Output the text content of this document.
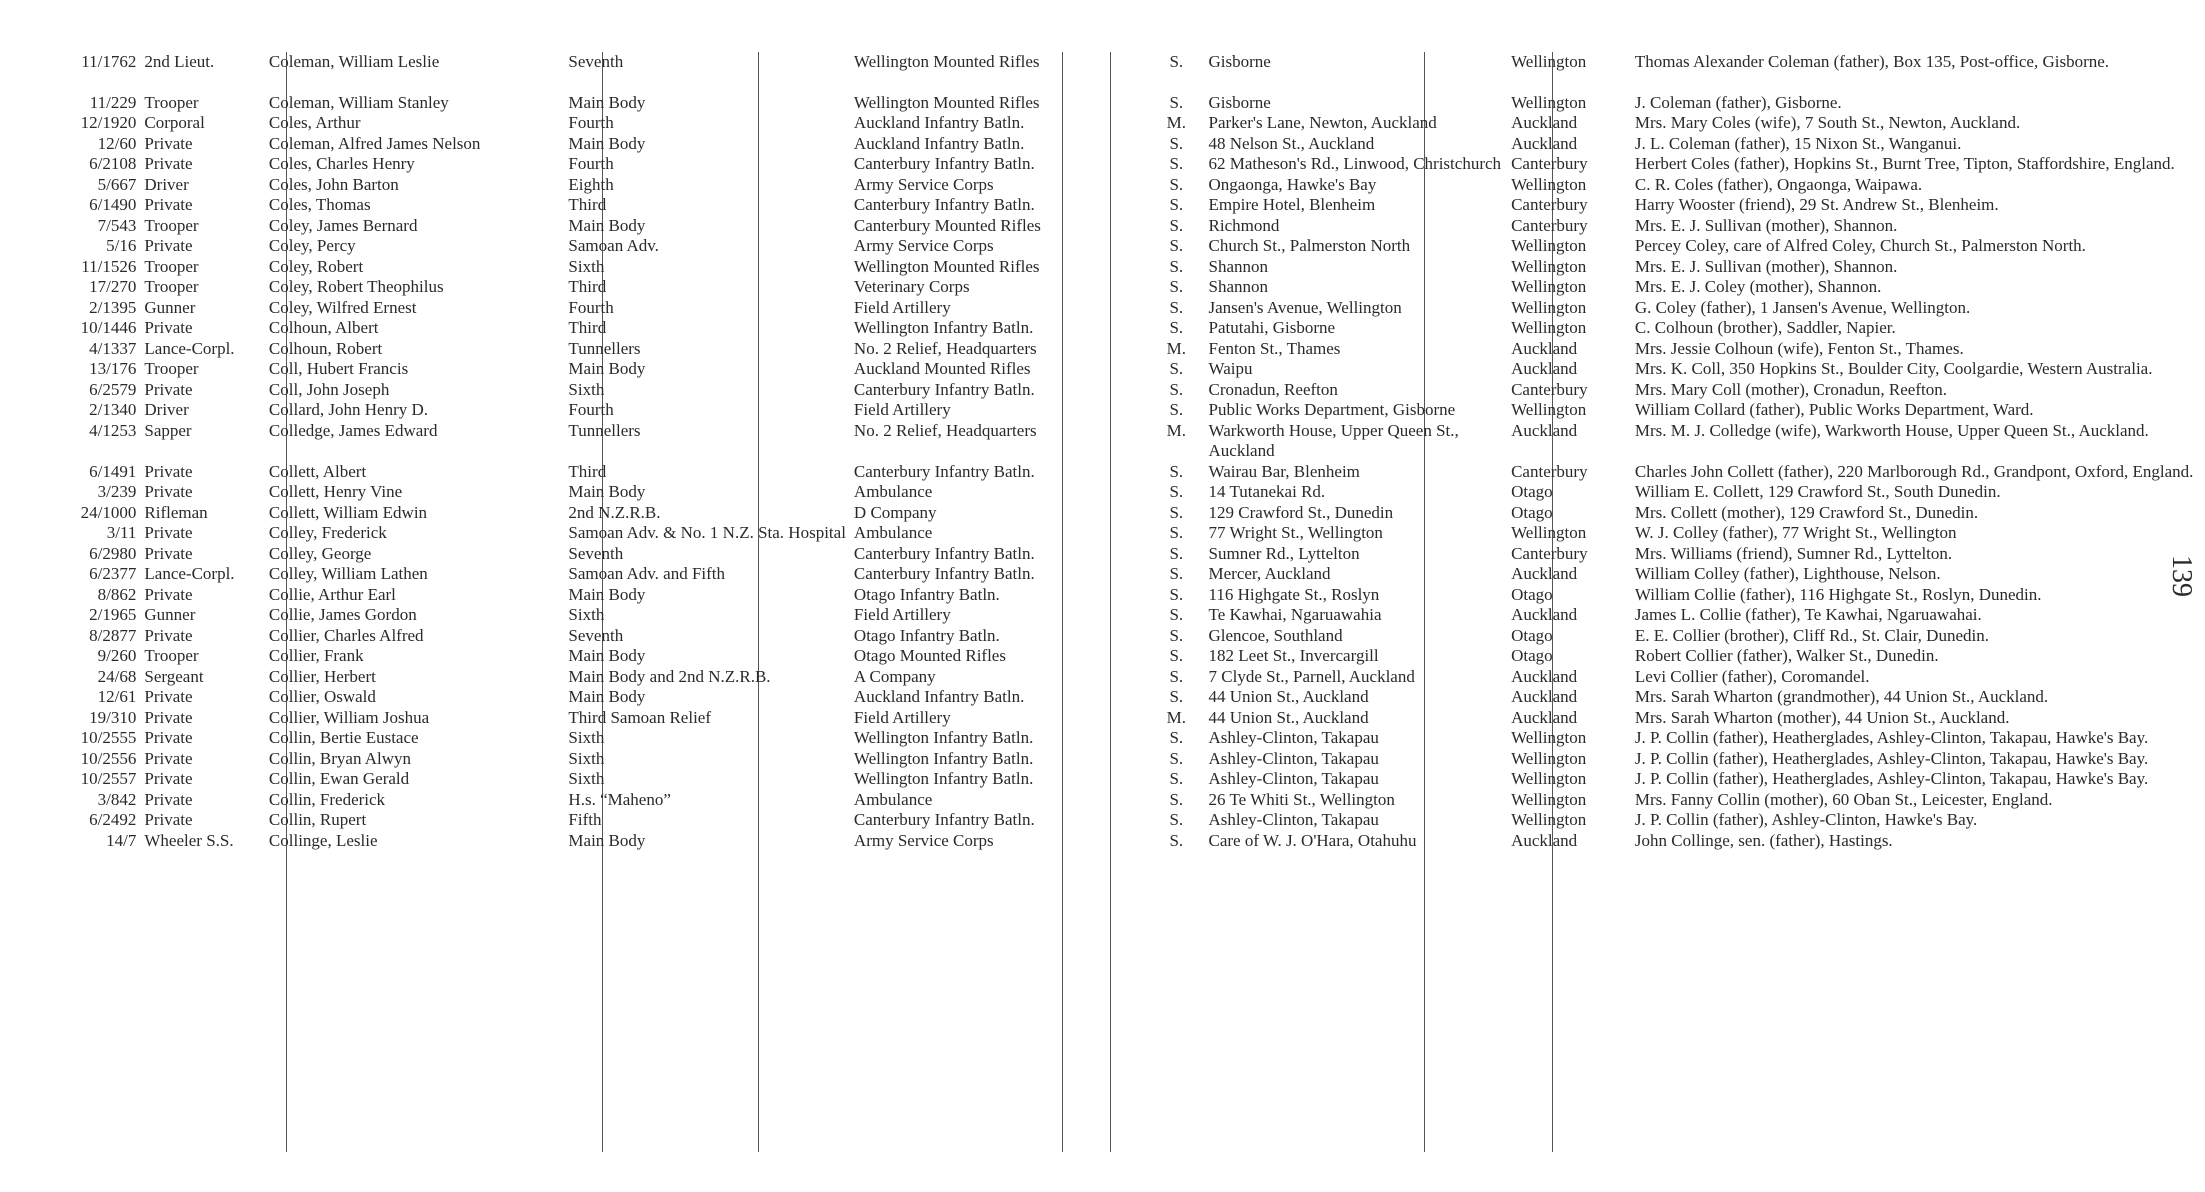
11/1762	2nd Lieut.	Coleman, William Leslie	Seventh	Wellington Mounted Rifles	S.	Gisborne	Wellington	Thomas Alexander Coleman (father), Box 135, Post-office, Gisborne.

11/229	Trooper	Coleman, William Stanley	Main Body	Wellington Mounted Rifles	S.	Gisborne	Wellington	J. Coleman (father), Gisborne.
12/1920	Corporal	Coles, Arthur	Fourth	Auckland Infantry Batln.	M.	Parker's Lane, Newton, Auckland	Auckland	Mrs. Mary Coles (wife), 7 South St., Newton, Auckland.
12/60	Private	Coleman, Alfred James Nelson	Main Body	Auckland Infantry Batln.	S.	48 Nelson St., Auckland	Auckland	J. L. Coleman (father), 15 Nixon St., Wanganui.
6/2108	Private	Coles, Charles Henry	Fourth	Canterbury Infantry Batln.	S.	62 Matheson's Rd., Linwood, Christchurch	Canterbury	Herbert Coles (father), Hopkins St., Burnt Tree, Tipton, Staffordshire, England.
5/667	Driver	Coles, John Barton	Eighth	Army Service Corps	S.	Ongaonga, Hawke's Bay	Wellington	C. R. Coles (father), Ongaonga, Waipawa.
6/1490	Private	Coles, Thomas	Third	Canterbury Infantry Batln.	S.	Empire Hotel, Blenheim	Canterbury	Harry Wooster (friend), 29 St. Andrew St., Blenheim.
7/543	Trooper	Coley, James Bernard	Main Body	Canterbury Mounted Rifles	S.	Richmond	Canterbury	Mrs. E. J. Sullivan (mother), Shannon.
5/16	Private	Coley, Percy	Samoan Adv.	Army Service Corps	S.	Church St., Palmerston North	Wellington	Percey Coley, care of Alfred Coley, Church St., Palmerston North.
11/1526	Trooper	Coley, Robert	Sixth	Wellington Mounted Rifles	S.	Shannon	Wellington	Mrs. E. J. Sullivan (mother), Shannon.
17/270	Trooper	Coley, Robert Theophilus	Third	Veterinary Corps	S.	Shannon	Wellington	Mrs. E. J. Coley (mother), Shannon.
2/1395	Gunner	Coley, Wilfred Ernest	Fourth	Field Artillery	S.	Jansen's Avenue, Wellington	Wellington	G. Coley (father), 1 Jansen's Avenue, Wellington.
10/1446	Private	Colhoun, Albert	Third	Wellington Infantry Batln.	S.	Patutahi, Gisborne	Wellington	C. Colhoun (brother), Saddler, Napier.
4/1337	Lance-Corpl.	Colhoun, Robert	Tunnellers	No. 2 Relief, Headquarters	M.	Fenton St., Thames	Auckland	Mrs. Jessie Colhoun (wife), Fenton St., Thames.
13/176	Trooper	Coll, Hubert Francis	Main Body	Auckland Mounted Rifles	S.	Waipu	Auckland	Mrs. K. Coll, 350 Hopkins St., Boulder City, Coolgardie, Western Australia.
6/2579	Private	Coll, John Joseph	Sixth	Canterbury Infantry Batln.	S.	Cronadun, Reefton	Canterbury	Mrs. Mary Coll (mother), Cronadun, Reefton.
2/1340	Driver	Collard, John Henry D.	Fourth	Field Artillery	S.	Public Works Department, Gisborne	Wellington	William Collard (father), Public Works Department, Ward.
4/1253	Sapper	Colledge, James Edward	Tunnellers	No. 2 Relief, Headquarters	M.	Warkworth House, Upper Queen St., Auckland	Auckland	Mrs. M. J. Colledge (wife), Warkworth House, Upper Queen St., Auckland.
6/1491	Private	Collett, Albert	Third	Canterbury Infantry Batln.	S.	Wairau Bar, Blenheim	Canterbury	Charles John Collett (father), 220 Marlborough Rd., Grandpont, Oxford, England.
3/239	Private	Collett, Henry Vine	Main Body	Ambulance	S.	14 Tutanekai Rd.	Otago	William E. Collett, 129 Crawford St., South Dunedin.
24/1000	Rifleman	Collett, William Edwin	2nd N.Z.R.B.	D Company	S.	129 Crawford St., Dunedin	Otago	Mrs. Collett (mother), 129 Crawford St., Dunedin.
3/11	Private	Colley, Frederick	Samoan Adv. & No. 1 N.Z. Sta. Hospital	Ambulance	S.	77 Wright St., Wellington	Wellington	W. J. Colley (father), 77 Wright St., Wellington
6/2980	Private	Colley, George	Seventh	Canterbury Infantry Batln.	S.	Sumner Rd., Lyttelton	Canterbury	Mrs. Williams (friend), Sumner Rd., Lyttelton.
6/2377	Lance-Corpl.	Colley, William Lathen	Samoan Adv. and Fifth	Canterbury Infantry Batln.	S.	Mercer, Auckland	Auckland	William Colley (father), Lighthouse, Nelson.
8/862	Private	Collie, Arthur Earl	Main Body	Otago Infantry Batln.	S.	116 Highgate St., Roslyn	Otago	William Collie (father), 116 Highgate St., Roslyn, Dunedin.
2/1965	Gunner	Collie, James Gordon	Sixth	Field Artillery	S.	Te Kawhai, Ngaruawahia	Auckland	James L. Collie (father), Te Kawhai, Ngaruawahai.
8/2877	Private	Collier, Charles Alfred	Seventh	Otago Infantry Batln.	S.	Glencoe, Southland	Otago	E. E. Collier (brother), Cliff Rd., St. Clair, Dunedin.
9/260	Trooper	Collier, Frank	Main Body	Otago Mounted Rifles	S.	182 Leet St., Invercargill	Otago	Robert Collier (father), Walker St., Dunedin.
24/68	Sergeant	Collier, Herbert	Main Body and 2nd N.Z.R.B.	A Company	S.	7 Clyde St., Parnell, Auckland	Auckland	Levi Collier (father), Coromandel.
12/61	Private	Collier, Oswald	Main Body	Auckland Infantry Batln.	S.	44 Union St., Auckland	Auckland	Mrs. Sarah Wharton (grandmother), 44 Union St., Auckland.
19/310	Private	Collier, William Joshua	Third Samoan Relief	Field Artillery	M.	44 Union St., Auckland	Auckland	Mrs. Sarah Wharton (mother), 44 Union St., Auckland.
10/2555	Private	Collin, Bertie Eustace	Sixth	Wellington Infantry Batln.	S.	Ashley-Clinton, Takapau	Wellington	J. P. Collin (father), Heatherglades, Ashley-Clinton, Takapau, Hawke's Bay.
10/2556	Private	Collin, Bryan Alwyn	Sixth	Wellington Infantry Batln.	S.	Ashley-Clinton, Takapau	Wellington	J. P. Collin (father), Heatherglades, Ashley-Clinton, Takapau, Hawke's Bay.
10/2557	Private	Collin, Ewan Gerald	Sixth	Wellington Infantry Batln.	S.	Ashley-Clinton, Takapau	Wellington	J. P. Collin (father), Heatherglades, Ashley-Clinton, Takapau, Hawke's Bay.
3/842	Private	Collin, Frederick	H.s. “Maheno”	Ambulance	S.	26 Te Whiti St., Wellington	Wellington	Mrs. Fanny Collin (mother), 60 Oban St., Leicester, England.
6/2492	Private	Collin, Rupert	Fifth	Canterbury Infantry Batln.	S.	Ashley-Clinton, Takapau	Wellington	J. P. Collin (father), Ashley-Clinton, Hawke's Bay.
14/7	Wheeler S.S.	Collinge, Leslie	Main Body	Army Service Corps	S.	Care of W. J. O'Hara, Otahuhu	Auckland	John Collinge, sen. (father), Hastings.
139
